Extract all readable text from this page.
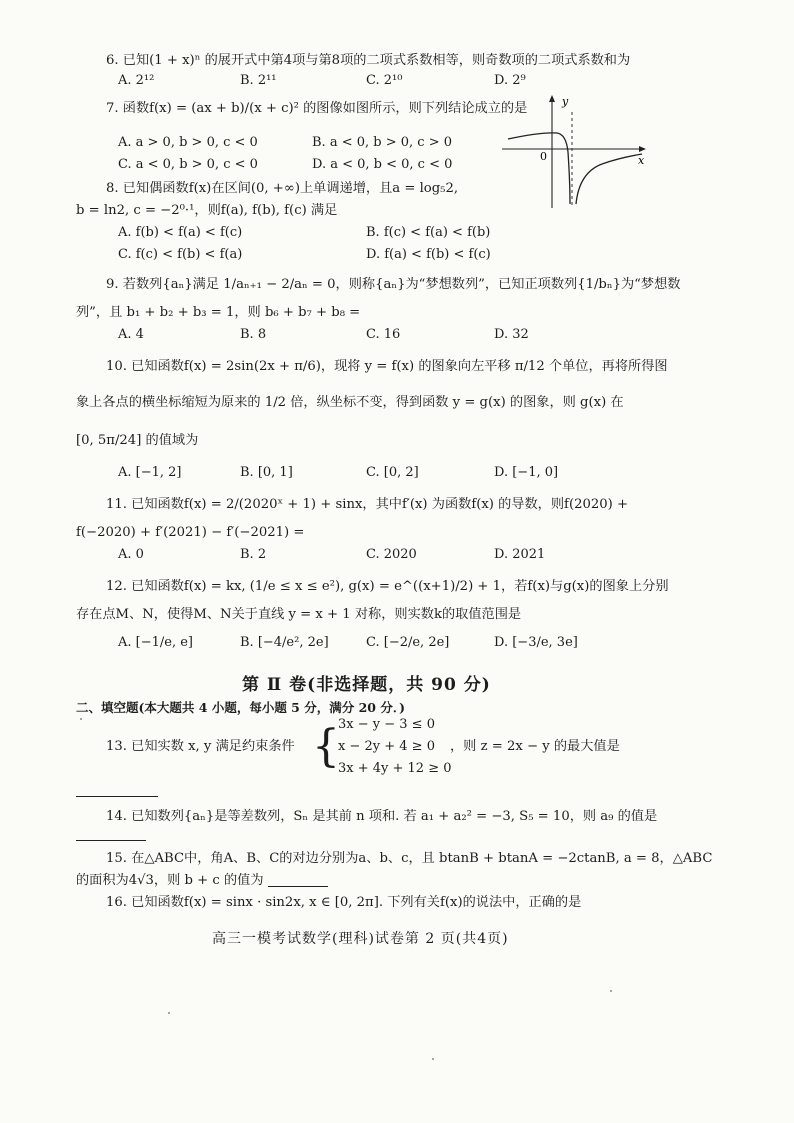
6. 已知(1 + x)ⁿ 的展开式中第4项与第8项的二项式系数相等，则奇数项的二项式系数和为
A. 2¹²	B. 2¹¹	C. 2¹⁰	D. 2⁹
7. 函数f(x) = (ax + b)/(x + c)² 的图像如图所示，则下列结论成立的是
A. a > 0, b > 0, c < 0	B. a < 0, b > 0, c > 0
C. a < 0, b > 0, c < 0	D. a < 0, b < 0, c < 0
y
x
0
8. 已知偶函数f(x)在区间(0, +∞)上单调递增，且a = log₅2,
b = ln2, c = −2⁰·¹，则f(a), f(b), f(c) 满足
A. f(b) < f(a) < f(c)	B. f(c) < f(a) < f(b)
C. f(c) < f(b) < f(a)	D. f(a) < f(b) < f(c)
9. 若数列{aₙ}满足 1/aₙ₊₁ − 2/aₙ = 0，则称{aₙ}为“梦想数列”，已知正项数列{1/bₙ}为“梦想数
列”，且 b₁ + b₂ + b₃ = 1，则 b₆ + b₇ + b₈ =
A. 4	B. 8	C. 16	D. 32
10. 已知函数f(x) = 2sin(2x + π/6)，现将 y = f(x) 的图象向左平移 π/12 个单位，再将所得图
象上各点的横坐标缩短为原来的 1/2 倍，纵坐标不变，得到函数 y = g(x) 的图象，则 g(x) 在
[0, 5π/24] 的值域为
A. [−1, 2]	B. [0, 1]	C. [0, 2]	D. [−1, 0]
11. 已知函数f(x) = 2/(2020ˣ + 1) + sinx，其中f′(x) 为函数f(x) 的导数，则f(2020) +
f(−2020) + f′(2021) − f′(−2021) =
A. 0	B. 2	C. 2020	D. 2021
12. 已知函数f(x) = kx, (1/e ≤ x ≤ e²), g(x) = e^((x+1)/2) + 1，若f(x)与g(x)的图象上分别
存在点M、N，使得M、N关于直线 y = x + 1 对称，则实数k的取值范围是
A. [−1/e, e]	B. [−4/e², 2e]	C. [−2/e, 2e]	D. [−3/e, 3e]
第 Ⅱ 卷(非选择题，共 90 分)
二、填空题(本大题共 4 小题，每小题 5 分，满分 20 分．)
13. 已知实数 x, y 满足约束条件 {
3x − y − 3 ≤ 0
x − 2y + 4 ≥ 0
3x + 4y + 12 ≥ 0
，则 z = 2x − y 的最大值是
14. 已知数列{aₙ}是等差数列，Sₙ 是其前 n 项和. 若 a₁ + a₂² = −3, S₅ = 10，则 a₉ 的值是
15. 在△ABC中，角A、B、C的对边分别为a、b、c，且 btanB + btanA = −2ctanB, a = 8，△ABC
的面积为4√3，则 b + c 的值为
16. 已知函数f(x) = sinx · sin2x, x ∈ [0, 2π]. 下列有关f(x)的说法中，正确的是
高三一模考试数学(理科)试卷第 2 页(共4页)
